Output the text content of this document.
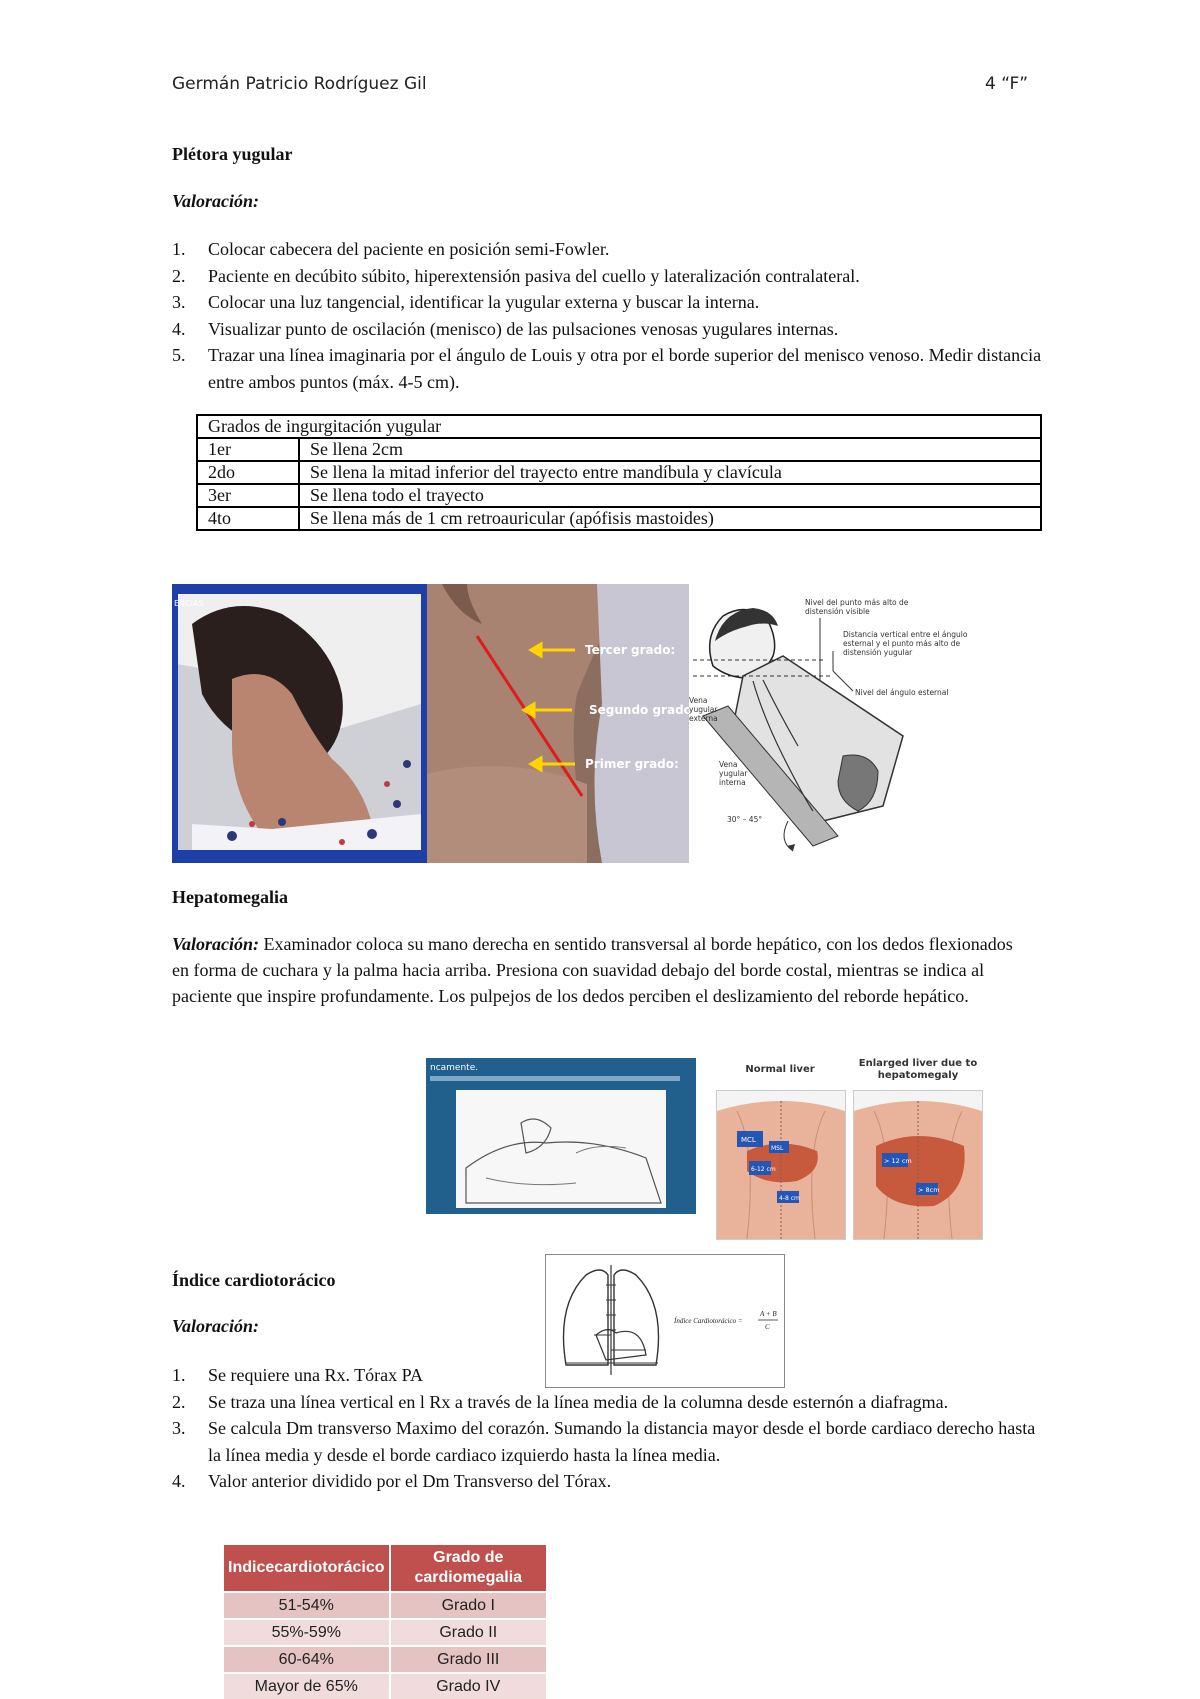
Germán Patricio Rodríguez Gil	4 “F”
Plétora yugular
Valoración:
1. Colocar cabecera del paciente en posición semi-Fowler.
2. Paciente en decúbito súbito, hiperextensión pasiva del cuello y lateralización contralateral.
3. Colocar una luz tangencial, identificar la yugular externa y buscar la interna.
4. Visualizar punto de oscilación (menisco) de las pulsaciones venosas yugulares internas.
5. Trazar una línea imaginaria por el ángulo de Louis y otra por el borde superior del menisco venoso. Medir distancia entre ambos puntos (máx. 4-5 cm).
Grados de ingurgitación yugular	
1er	Se llena 2cm
2do	Se llena la mitad inferior del trayecto entre mandíbula y clavícula
3er	Se llena todo el trayecto
4to	Se llena más de 1 cm retroauricular (apófisis mastoides)
ENCIAS
Tercer grado:
Segundo grado:
Primer grado:
Nivel del punto más alto de distensión visible
Distancia vertical entre el ángulo esternal y el punto más alto de distensión yugular
Nivel del ángulo esternal
Vena yugular externa
Vena yugular interna
30° – 45°
Hepatomegalia
Valoración: Examinador coloca su mano derecha en sentido transversal al borde hepático, con los dedos flexionados en forma de cuchara y la palma hacia arriba. Presiona con suavidad debajo del borde costal, mientras se indica al paciente que inspire profundamente. Los pulpejos de los dedos perciben el deslizamiento del reborde hepático.
ncamente.	Normal liver
MCL
MSL
6-12 cm
4-8 cm
Enlarged liver due to hepatomegaly
> 12 cm
> 8cm
Índice cardiotorácico
Valoración:	Índice Cardiotorácico =
A + B
C
1. Se requiere una Rx. Tórax PA
2. Se traza una línea vertical en l Rx a través de la línea media de la columna desde esternón a diafragma.
3. Se calcula Dm transverso Maximo del corazón. Sumando la distancia mayor desde el borde cardiaco derecho hasta la línea media y desde el borde cardiaco izquierdo hasta la línea media.
4. Valor anterior dividido por el Dm Transverso del Tórax.
Indicecardiotorácico	Grado de cardiomegalia
51-54%	Grado I
55%-59%	Grado II
60-64%	Grado III
Mayor de 65%	Grado IV
